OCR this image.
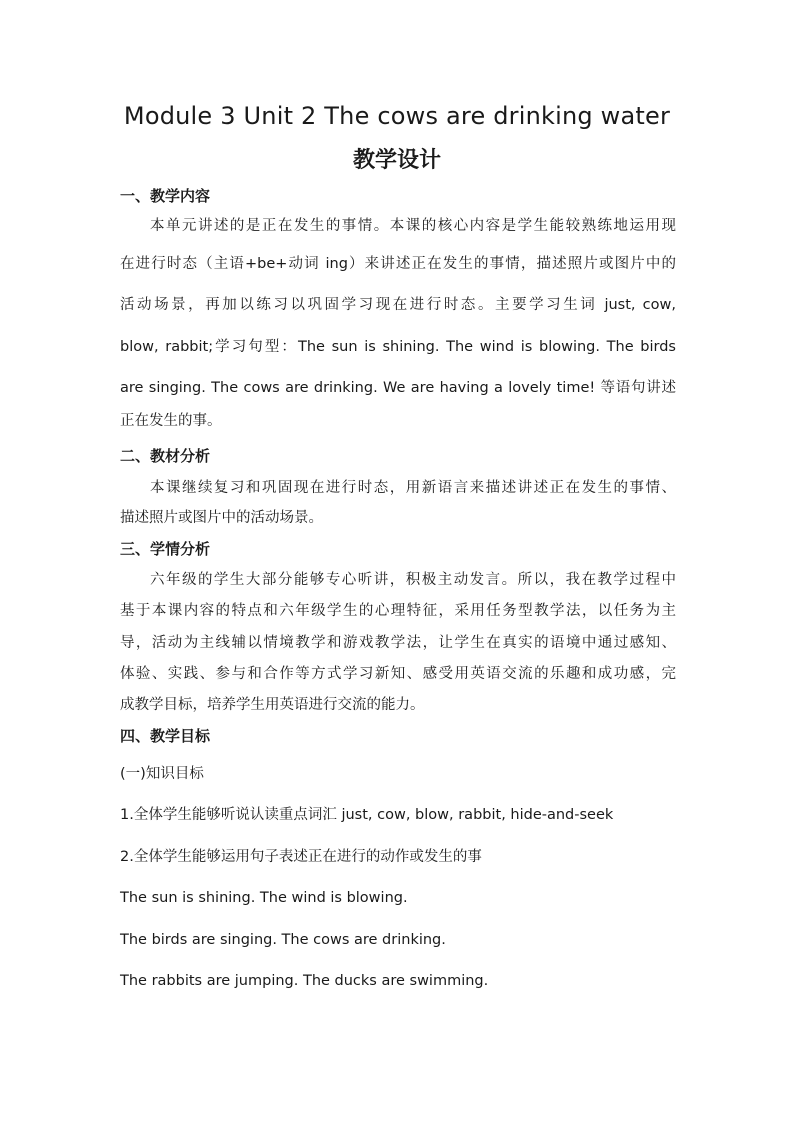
Module 3 Unit 2 The cows are drinking water
教学设计
一、教学内容
本单元讲述的是正在发生的事情。本课的核心内容是学生能较熟练地运用现
在进行时态（主语+be+动词 ing）来讲述正在发生的事情，描述照片或图片中的
活动场景，再加以练习以巩固学习现在进行时态。主要学习生词 just, cow,
blow, rabbit;学习句型：The sun is shining. The wind is blowing. The birds
are singing. The cows are drinking. We are having a lovely time! 等语句讲述
正在发生的事。
二、教材分析
本课继续复习和巩固现在进行时态，用新语言来描述讲述正在发生的事情、
描述照片或图片中的活动场景。
三、学情分析
六年级的学生大部分能够专心听讲，积极主动发言。所以，我在教学过程中
基于本课内容的特点和六年级学生的心理特征，采用任务型教学法，以任务为主
导，活动为主线辅以情境教学和游戏教学法，让学生在真实的语境中通过感知、
体验、实践、参与和合作等方式学习新知、感受用英语交流的乐趣和成功感，完
成教学目标，培养学生用英语进行交流的能力。
四、教学目标
(一)知识目标
1.全体学生能够听说认读重点词汇 just, cow, blow, rabbit, hide-and-seek
2.全体学生能够运用句子表述正在进行的动作或发生的事
The sun is shining. The wind is blowing.
The birds are singing. The cows are drinking.
The rabbits are jumping. The ducks are swimming.
